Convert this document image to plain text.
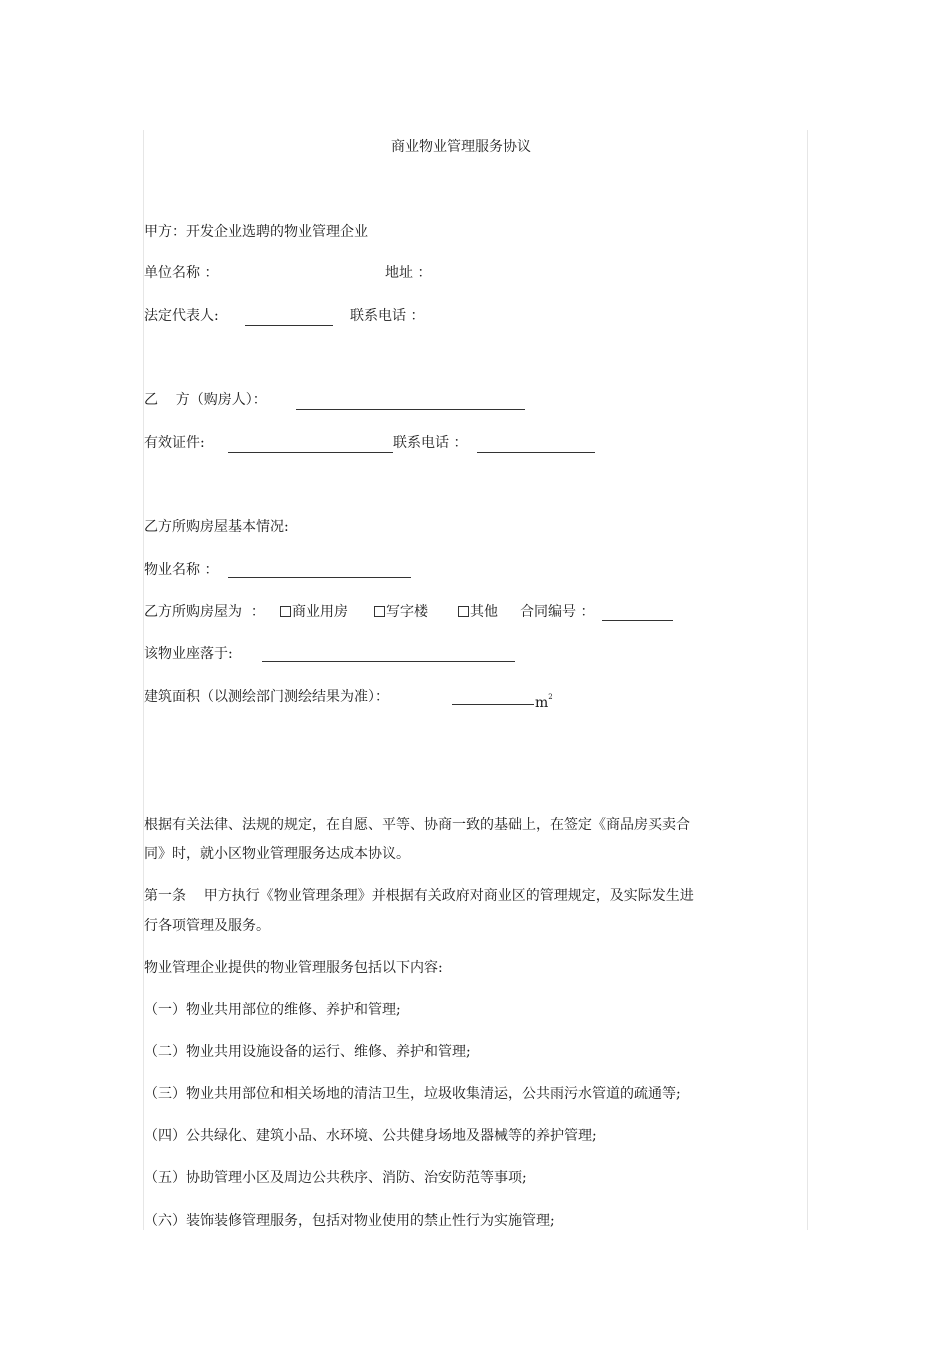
商业物业管理服务协议
甲方：开发企业选聘的物业管理企业
单位名称 ：	地址 ：
法定代表人:	联系电话 ：
乙    方（购房人）：
有效证件:	联系电话 ：
乙方所购房屋基本情况:
物业名称 ：
乙方所购房屋为  ：	商业用房	写字楼	其他 合同编号 ：
该物业座落于:
建筑面积（以测绘部门测绘结果为准）：	$m^2$
根据有关法律、法规的规定，在自愿、平等、协商一致的基础上，在签定《商品房买卖合
同》时，就小区物业管理服务达成本协议。
第一条    甲方执行《物业管理条理》并根据有关政府对商业区的管理规定，及实际发生进
行各项管理及服务。
物业管理企业提供的物业管理服务包括以下内容:
（一）物业共用部位的维修、养护和管理;
（二）物业共用设施设备的运行、维修、养护和管理;
（三）物业共用部位和相关场地的清洁卫生，垃圾收集清运，公共雨污水管道的疏通等;
（四）公共绿化、建筑小品、水环境、公共健身场地及器械等的养护管理;
（五）协助管理小区及周边公共秩序、消防、治安防范等事项;
（六）装饰装修管理服务，包括对物业使用的禁止性行为实施管理;
